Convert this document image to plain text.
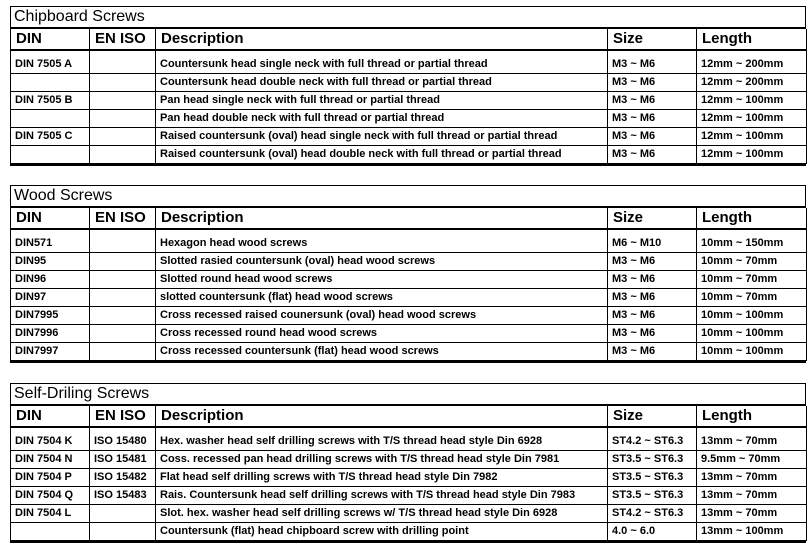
Chipboard Screws
DIN	EN ISO	Description	Size	Length
DIN 7505 A		Countersunk head single neck with full thread or partial thread	M3 ~ M6	12mm ~ 200mm
		Countersunk head double neck with full thread or partial thread	M3 ~ M6	12mm ~ 200mm
DIN 7505 B		Pan head single neck with full thread or partial thread	M3 ~ M6	12mm ~ 100mm
		Pan head double neck with full thread or partial thread	M3 ~ M6	12mm ~ 100mm
DIN 7505 C		Raised countersunk (oval) head single neck with full thread or partial thread	M3 ~ M6	12mm ~ 100mm
		Raised countersunk (oval) head double neck with full thread or partial thread	M3 ~ M6	12mm ~ 100mm
Wood Screws
DIN	EN ISO	Description	Size	Length
DIN571		Hexagon head wood screws	M6 ~ M10	10mm ~ 150mm
DIN95		Slotted rasied countersunk (oval) head wood screws	M3 ~ M6	10mm ~ 70mm
DIN96		Slotted round head wood screws	M3 ~ M6	10mm ~ 70mm
DIN97		slotted countersunk (flat) head wood screws	M3 ~ M6	10mm ~ 70mm
DIN7995		Cross recessed raised counersunk (oval) head wood screws	M3 ~ M6	10mm ~ 100mm
DIN7996		Cross recessed round head wood screws	M3 ~ M6	10mm ~ 100mm
DIN7997		Cross recessed countersunk (flat) head wood screws	M3 ~ M6	10mm ~ 100mm
Self-Driling Screws
DIN	EN ISO	Description	Size	Length
DIN 7504 K	ISO 15480	Hex. washer head self drilling screws with T/S thread head style Din 6928	ST4.2 ~ ST6.3	13mm ~ 70mm
DIN 7504 N	ISO 15481	Coss. recessed pan head drilling screws with T/S thread head style Din 7981	ST3.5 ~ ST6.3	9.5mm ~ 70mm
DIN 7504 P	ISO 15482	Flat head self drilling screws with T/S thread head style Din 7982	ST3.5 ~ ST6.3	13mm ~ 70mm
DIN 7504 Q	ISO 15483	Rais. Countersunk head self drilling screws with T/S thread head style Din 7983	ST3.5 ~ ST6.3	13mm ~ 70mm
DIN 7504 L		Slot. hex. washer head self drilling screws w/ T/S thread head style Din 6928	ST4.2 ~ ST6.3	13mm ~ 70mm
		Countersunk (flat) head chipboard screw with drilling point	4.0 ~ 6.0	13mm ~ 100mm
